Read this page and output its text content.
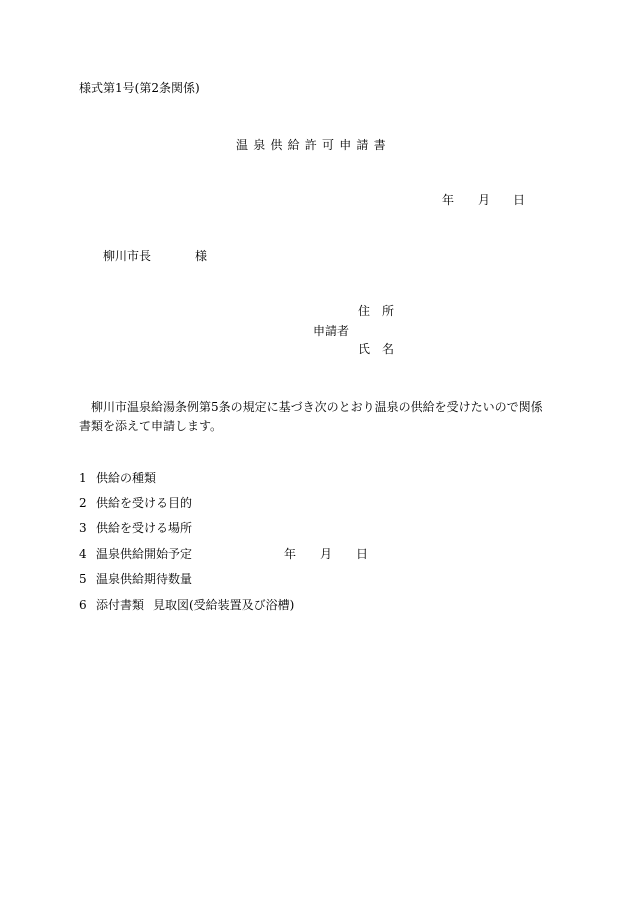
様式第1号(第2条関係)
温泉供給許可申請書
年 月 日
柳川市長	様
住所
申請者
氏名
柳川市温泉給湯条例第5条の規定に基づき次のとおり温泉の供給を受けたいので関係書類を添えて申請します。
1 供給の種類
2 供給を受ける目的
3 供給を受ける場所
4 温泉供給開始予定	年 月 日
5 温泉供給期待数量
6 添付書類 見取図(受給装置及び浴槽)
